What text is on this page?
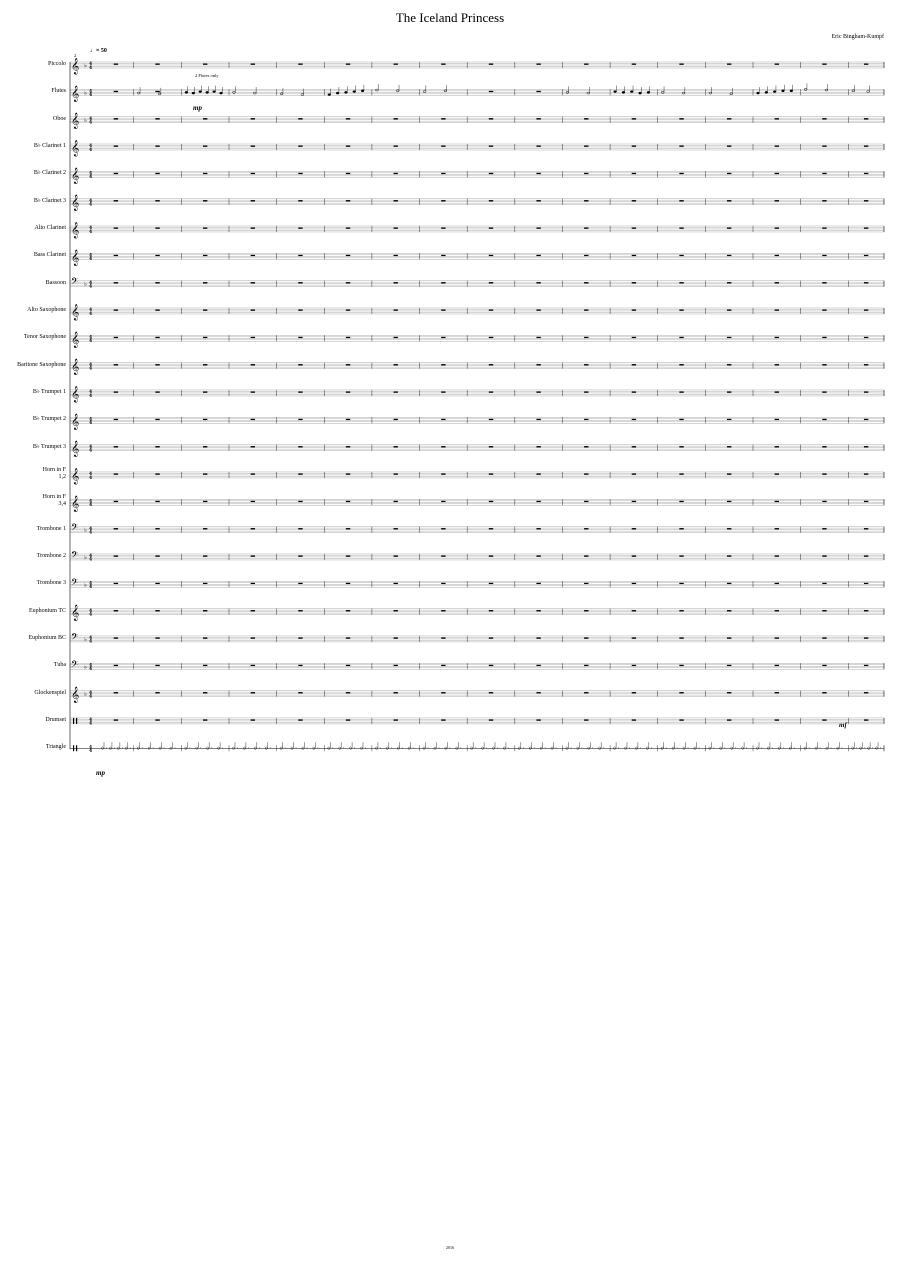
The Iceland Princess
Eric Bingham-Kumpf
2016
2
♩= 50
2 Flutes only
mp
mp
mf
Piccolo
Flutes
Oboe
B♭ Clarinet 1
B♭ Clarinet 2
B♭ Clarinet 3
Alto Clarinet
Bass Clarinet
Bassoon
Alto Saxophone
Tenor Saxophone
Baritone Saxophone
B♭ Trumpet 1
B♭ Trumpet 2
B♭ Trumpet 3
Horn in F
1,2
Horn in F
3,4
Trombone 1
Trombone 2
Trombone 3
Euphonium TC
Euphonium BC
Tuba
Glockenspiel
Drumset
Triangle
𝄞 ♭ 4
4
𝄞 ♭ 4
4
𝄞 ♭ 4
4
𝄞 4
4
𝄞 4
4
𝄞 4
4
𝄞 4
4
𝄞 4
4
𝄢 ♭ 4
4
𝄞 4
4
𝄞 4
4
𝄞 4
4
𝄞 4
4
𝄞 4
4
𝄞 4
4
𝄞 4
4
𝄞 4
4
𝄢 ♭ 4
4
𝄢 ♭ 4
4
𝄢 ♭ 4
4
𝄞 4
4
𝄢 ♭ 4
4
𝄢 ♭ 4
4
𝄞 ♭ 4
4
4
4
4
4
𝄾 𝄾 𝄾 𝄾	𝄾 𝄾 𝄾 𝄾	𝄾 𝄾 𝄾 𝄾	𝄾 𝄾 𝄾 𝄾	𝄾 𝄾 𝄾 𝄾	𝄾 𝄾 𝄾 𝄾	𝄾 𝄾 𝄾 𝄾	𝄾 𝄾 𝄾 𝄾	𝄾 𝄾 𝄾 𝄾	𝄾 𝄾 𝄾 𝄾	𝄾 𝄾 𝄾 𝄾	𝄾 𝄾 𝄾 𝄾	𝄾 𝄾 𝄾 𝄾	𝄾 𝄾 𝄾 𝄾	𝄾 𝄾 𝄾 𝄾	𝄾 𝄾 𝄾 𝄾	𝄾 𝄾 𝄾 𝄾
